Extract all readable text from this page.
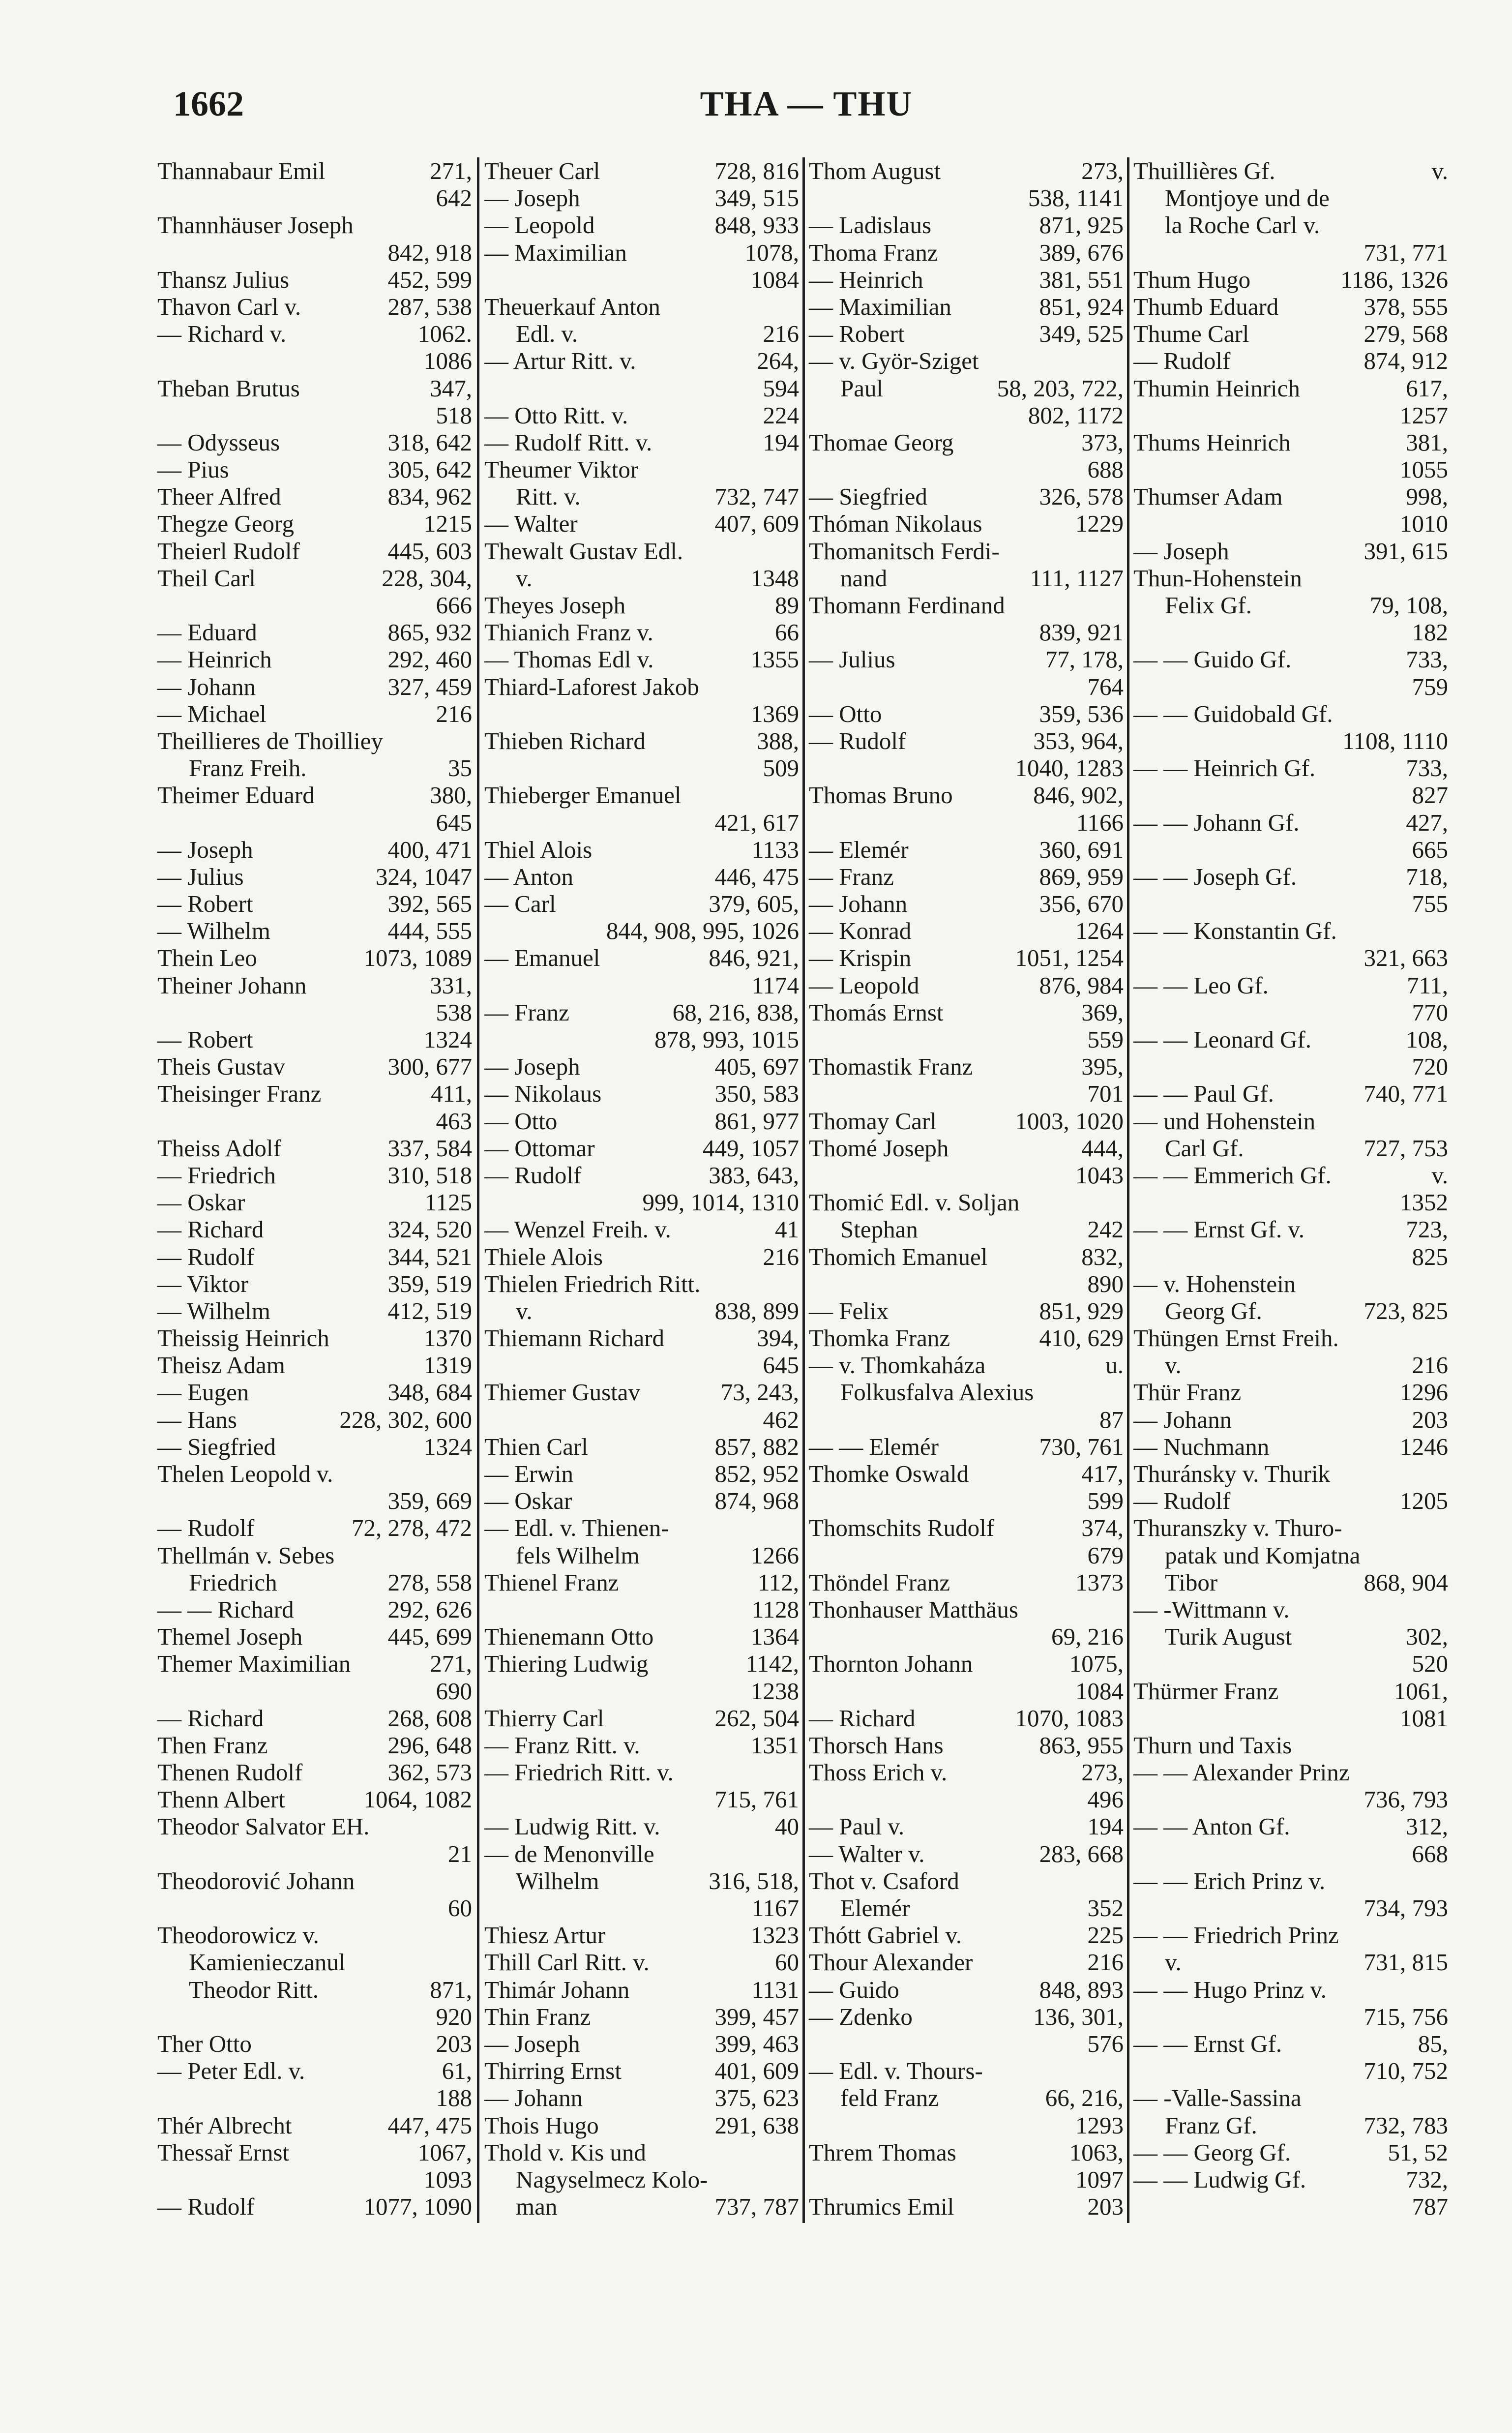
1662	THA — THU
Thannabaur Emil	271,
642
Thannhäuser Joseph
842, 918
Thansz Julius	452, 599
Thavon Carl v.	287, 538
— Richard v.	1062.
1086
Theban Brutus	347,
518
— Odysseus	318, 642
— Pius	305, 642
Theer Alfred	834, 962
Thegze Georg	1215
Theierl Rudolf	445, 603
Theil Carl	228, 304,
666
— Eduard	865, 932
— Heinrich	292, 460
— Johann	327, 459
— Michael	216
Theillieres de Thoilliey
Franz Freih.	35
Theimer Eduard	380,
645
— Joseph	400, 471
— Julius	324, 1047
— Robert	392, 565
— Wilhelm	444, 555
Thein Leo	1073, 1089
Theiner Johann	331,
538
— Robert	1324
Theis Gustav	300, 677
Theisinger Franz	411,
463
Theiss Adolf	337, 584
— Friedrich	310, 518
— Oskar	1125
— Richard	324, 520
— Rudolf	344, 521
— Viktor	359, 519
— Wilhelm	412, 519
Theissig Heinrich	1370
Theisz Adam	1319
— Eugen	348, 684
— Hans	228, 302, 600
— Siegfried	1324
Thelen Leopold v.
359, 669
— Rudolf	72, 278, 472
Thellmán v. Sebes
Friedrich	278, 558
— — Richard	292, 626
Themel Joseph	445, 699
Themer Maximilian	271,
690
— Richard	268, 608
Then Franz	296, 648
Thenen Rudolf	362, 573
Thenn Albert	1064, 1082
Theodor Salvator EH.
21
Theodorović Johann
60
Theodorowicz v.
Kamienieczanul
Theodor Ritt.	871,
920
Ther Otto	203
— Peter Edl. v.	61,
188
Thér Albrecht	447, 475
Thessař Ernst	1067,
1093
— Rudolf	1077, 1090
Theuer Carl	728, 816
— Joseph	349, 515
— Leopold	848, 933
— Maximilian	1078,
1084
Theuerkauf Anton
Edl. v.	216
— Artur Ritt. v.	264,
594
— Otto Ritt. v.	224
— Rudolf Ritt. v.	194
Theumer Viktor
Ritt. v.	732, 747
— Walter	407, 609
Thewalt Gustav Edl.
v.	1348
Theyes Joseph	89
Thianich Franz v.	66
— Thomas Edl v.	1355
Thiard-Laforest Jakob
1369
Thieben Richard	388,
509
Thieberger Emanuel
421, 617
Thiel Alois	1133
— Anton	446, 475
— Carl	379, 605,
844, 908, 995, 1026
— Emanuel	846, 921,
1174
— Franz	68, 216, 838,
878, 993, 1015
— Joseph	405, 697
— Nikolaus	350, 583
— Otto	861, 977
— Ottomar	449, 1057
— Rudolf	383, 643,
999, 1014, 1310
— Wenzel Freih. v.	41
Thiele Alois	216
Thielen Friedrich Ritt.
v.	838, 899
Thiemann Richard	394,
645
Thiemer Gustav	73, 243,
462
Thien Carl	857, 882
— Erwin	852, 952
— Oskar	874, 968
— Edl. v. Thienen-
fels Wilhelm	1266
Thienel Franz	112,
1128
Thienemann Otto	1364
Thiering Ludwig	1142,
1238
Thierry Carl	262, 504
— Franz Ritt. v.	1351
— Friedrich Ritt. v.
715, 761
— Ludwig Ritt. v.	40
— de Menonville
Wilhelm	316, 518,
1167
Thiesz Artur	1323
Thill Carl Ritt. v.	60
Thimár Johann	1131
Thin Franz	399, 457
— Joseph	399, 463
Thirring Ernst	401, 609
— Johann	375, 623
Thois Hugo	291, 638
Thold v. Kis und
Nagyselmecz Kolo-
man	737, 787
Thom August	273,
538, 1141
— Ladislaus	871, 925
Thoma Franz	389, 676
— Heinrich	381, 551
— Maximilian	851, 924
— Robert	349, 525
— v. Györ-Sziget
Paul	58, 203, 722,
802, 1172
Thomae Georg	373,
688
— Siegfried	326, 578
Thóman Nikolaus	1229
Thomanitsch Ferdi-
nand	111, 1127
Thomann Ferdinand
839, 921
— Julius	77, 178,
764
— Otto	359, 536
— Rudolf	353, 964,
1040, 1283
Thomas Bruno	846, 902,
1166
— Elemér	360, 691
— Franz	869, 959
— Johann	356, 670
— Konrad	1264
— Krispin	1051, 1254
— Leopold	876, 984
Thomás Ernst	369,
559
Thomastik Franz	395,
701
Thomay Carl	1003, 1020
Thomé Joseph	444,
1043
Thomić Edl. v. Soljan
Stephan	242
Thomich Emanuel	832,
890
— Felix	851, 929
Thomka Franz	410, 629
— v. Thomkaháza	u.
Folkusfalva Alexius
87
— — Elemér	730, 761
Thomke Oswald	417,
599
Thomschits Rudolf	374,
679
Thöndel Franz	1373
Thonhauser Matthäus
69, 216
Thornton Johann	1075,
1084
— Richard	1070, 1083
Thorsch Hans	863, 955
Thoss Erich v.	273,
496
— Paul v.	194
— Walter v.	283, 668
Thot v. Csaford
Elemér	352
Thótt Gabriel v.	225
Thour Alexander	216
— Guido	848, 893
— Zdenko	136, 301,
576
— Edl. v. Thours-
feld Franz	66, 216,
1293
Threm Thomas	1063,
1097
Thrumics Emil	203
Thuillières Gf.	v.
Montjoye und de
la Roche Carl v.
731, 771
Thum Hugo	1186, 1326
Thumb Eduard	378, 555
Thume Carl	279, 568
— Rudolf	874, 912
Thumin Heinrich	617,
1257
Thums Heinrich	381,
1055
Thumser Adam	998,
1010
— Joseph	391, 615
Thun-Hohenstein
Felix Gf.	79, 108,
182
— — Guido Gf.	733,
759
— — Guidobald Gf.
1108, 1110
— — Heinrich Gf.	733,
827
— — Johann Gf.	427,
665
— — Joseph Gf.	718,
755
— — Konstantin Gf.
321, 663
— — Leo Gf.	711,
770
— — Leonard Gf.	108,
720
— — Paul Gf.	740, 771
— und Hohenstein
Carl Gf.	727, 753
— — Emmerich Gf.	v.
1352
— — Ernst Gf. v.	723,
825
— v. Hohenstein
Georg Gf.	723, 825
Thüngen Ernst Freih.
v.	216
Thür Franz	1296
— Johann	203
— Nuchmann	1246
Thuránsky v. Thurik
— Rudolf	1205
Thuranszky v. Thuro-
patak und Komjatna
Tibor	868, 904
— -Wittmann v.
Turik August	302,
520
Thürmer Franz	1061,
1081
Thurn und Taxis
— — Alexander Prinz
736, 793
— — Anton Gf.	312,
668
— — Erich Prinz v.
734, 793
— — Friedrich Prinz
v.	731, 815
— — Hugo Prinz v.
715, 756
— — Ernst Gf.	85,
710, 752
— -Valle-Sassina
Franz Gf.	732, 783
— — Georg Gf.	51, 52
— — Ludwig Gf.	732,
787
